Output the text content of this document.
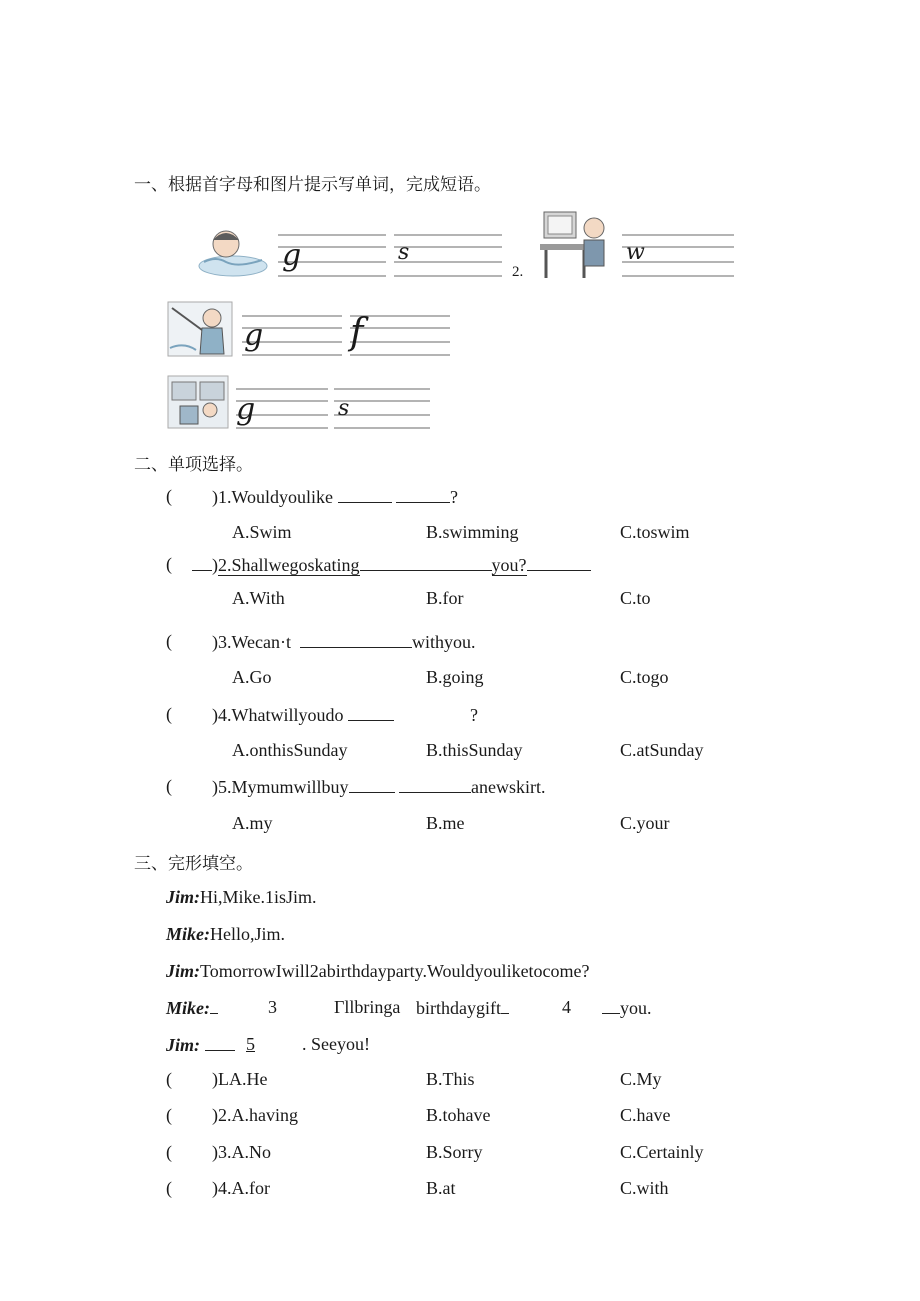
一、根据首字母和图片提示写单词，完成短语。
g	s
2.
w
g f
g	s
二、单项选择。
( )1.Wouldyoulike	?
A.Swim	B.swimming	C.toswim
(	)2.Shallwegoskating	you?
A.With	B.for	C.to
( )3.Wecan·t	withyou.
A.Go	B.going	C.togo
( )4.Whatwillyoudo	?
A.onthisSunday	B.thisSunday	C.atSunday
( )5.Mymumwillbuy	anewskirt.
A.my	B.me	C.your
三、完形填空。
Jim:Hi,Mike.1isJim.
Mike:Hello,Jim.
Jim:TomorrowIwill2abirthdayparty.Wouldyouliketocome?
Mike:	3	Γllbringa birthdaygift	4	you.
Jim:	5	. Seeyou!
( )LA.He	B.This	C.My
( )2.A.having	B.tohave	C.have
( )3.A.No	B.Sorry	C.Certainly
( )4.A.for	B.at	C.with
